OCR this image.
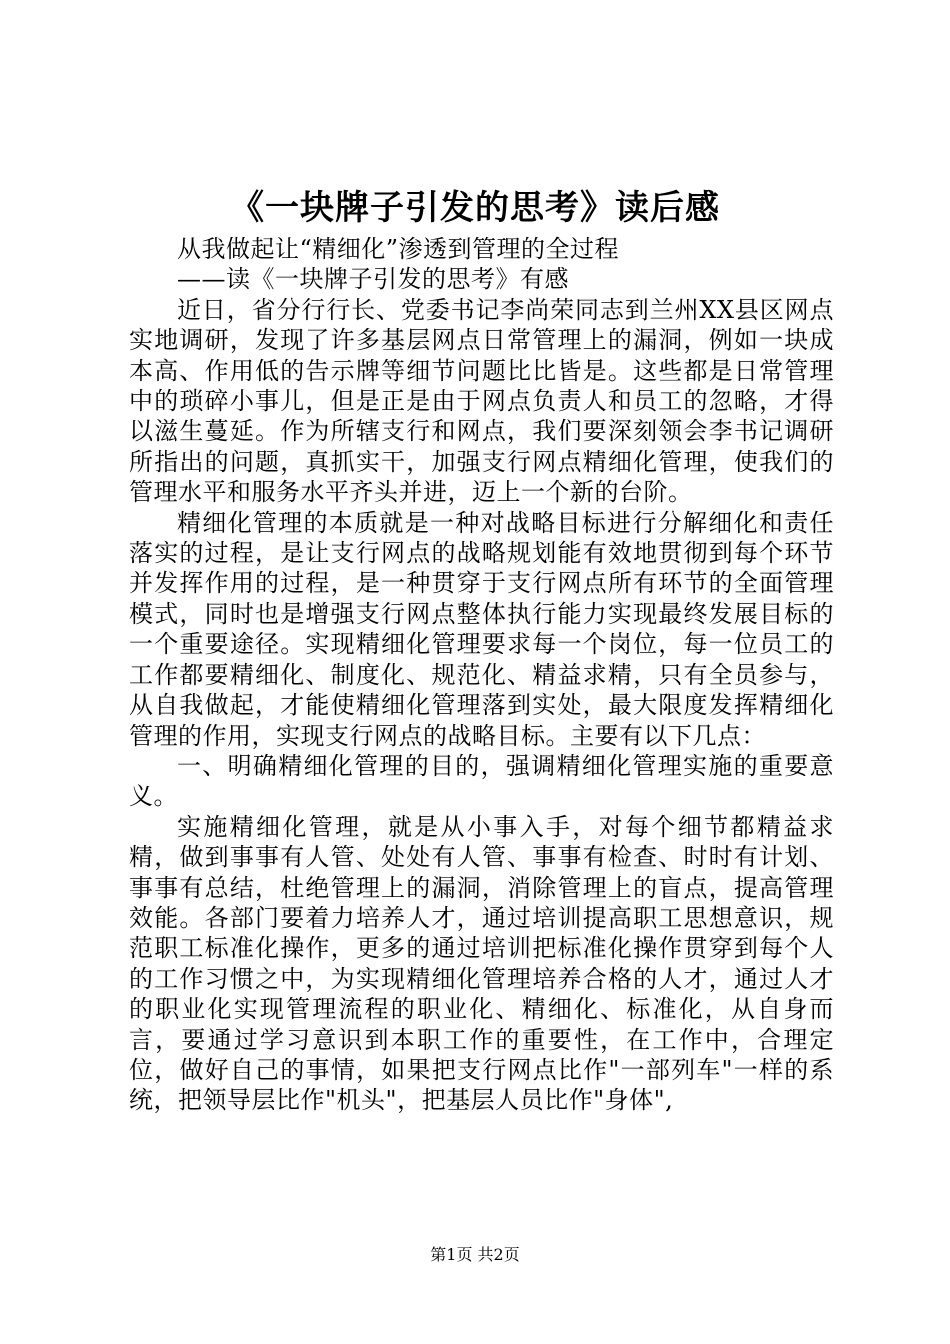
《一块牌子引发的思考》读后感

从我做起让“精细化”渗透到管理的全过程

——读《一块牌子引发的思考》有感

近日，省分行行长、党委书记李尚荣同志到兰州XX县区网点实地调研，发现了许多基层网点日常管理上的漏洞，例如一块成本高、作用低的告示牌等细节问题比比皆是。这些都是日常管理中的琐碎小事儿，但是正是由于网点负责人和员工的忽略，才得以滋生蔓延。作为所辖支行和网点，我们要深刻领会李书记调研所指出的问题，真抓实干，加强支行网点精细化管理，使我们的管理水平和服务水平齐头并进，迈上一个新的台阶。

精细化管理的本质就是一种对战略目标进行分解细化和责任落实的过程，是让支行网点的战略规划能有效地贯彻到每个环节并发挥作用的过程，是一种贯穿于支行网点所有环节的全面管理模式，同时也是增强支行网点整体执行能力实现最终发展目标的一个重要途径。实现精细化管理要求每一个岗位，每一位员工的工作都要精细化、制度化、规范化、精益求精，只有全员参与，从自我做起，才能使精细化管理落到实处，最大限度发挥精细化管理的作用，实现支行网点的战略目标。主要有以下几点：

一、明确精细化管理的目的，强调精细化管理实施的重要意义。

实施精细化管理，就是从小事入手，对每个细节都精益求精，做到事事有人管、处处有人管、事事有检查、时时有计划、事事有总结，杜绝管理上的漏洞，消除管理上的盲点，提高管理效能。各部门要着力培养人才，通过培训提高职工思想意识，规范职工标准化操作，更多的通过培训把标准化操作贯穿到每个人的工作习惯之中，为实现精细化管理培养合格的人才，通过人才的职业化实现管理流程的职业化、精细化、标准化，从自身而言，要通过学习意识到本职工作的重要性，在工作中，合理定位，做好自己的事情，如果把支行网点比作"一部列车"一样的系统，把领导层比作"机头"，把基层人员比作"身体",

第1页 共2页
